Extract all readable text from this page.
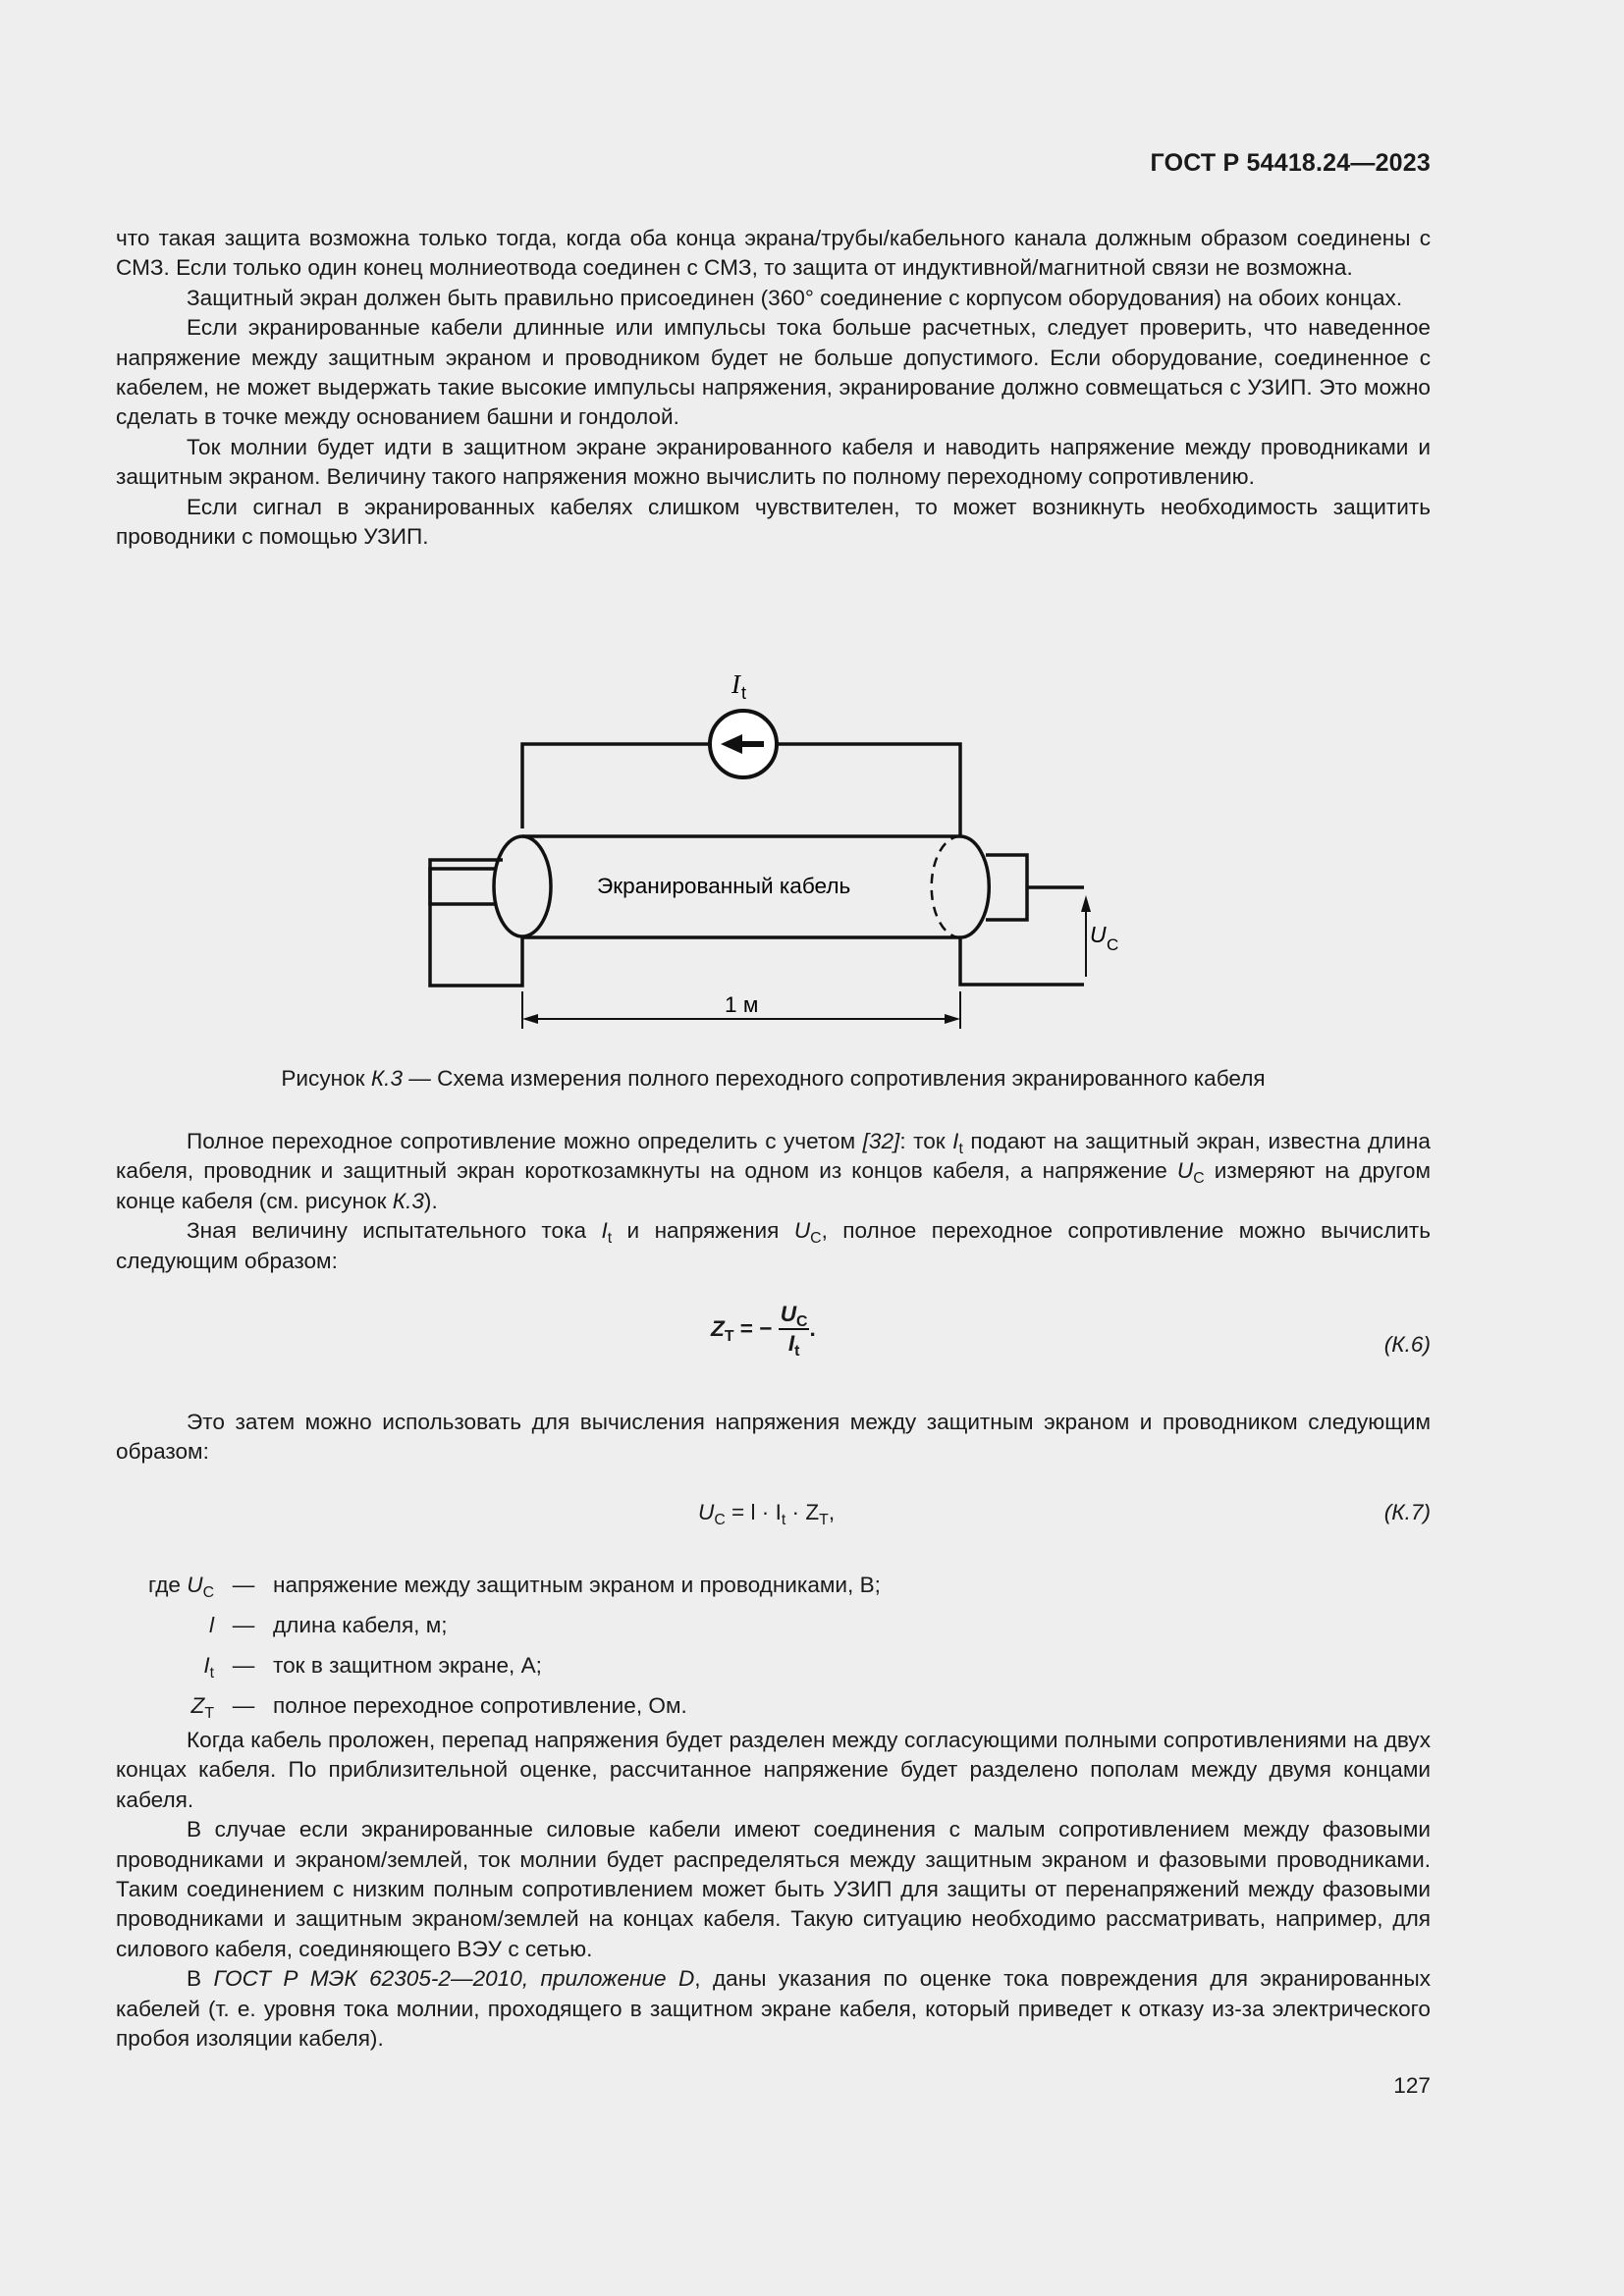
ГОСТ Р 54418.24—2023

что такая защита возможна только тогда, когда оба конца экрана/трубы/кабельного канала должным образом соединены с СМЗ. Если только один конец молниеотвода соединен с СМЗ, то защита от индуктивной/магнитной связи не возможна.

Защитный экран должен быть правильно присоединен (360° соединение с корпусом оборудования) на обоих концах.

Если экранированные кабели длинные или импульсы тока больше расчетных, следует проверить, что наведенное напряжение между защитным экраном и проводником будет не больше допустимого. Если оборудование, соединенное с кабелем, не может выдержать такие высокие импульсы напряжения, экранирование должно совмещаться с УЗИП. Это можно сделать в точке между основанием башни и гондолой.

Ток молнии будет идти в защитном экране экранированного кабеля и наводить напряжение между проводниками и защитным экраном. Величину такого напряжения можно вычислить по полному переходному сопротивлению.

Если сигнал в экранированных кабелях слишком чувствителен, то может возникнуть необходимость защитить проводники с помощью УЗИП.

I t
Экранированный кабель
1 м
U C
Рисунок К.3 — Схема измерения полного переходного сопротивления экранированного кабеля

Полное переходное сопротивление можно определить с учетом [32]: ток $I_t$ подают на защитный экран, известна длина кабеля, проводник и защитный экран короткозамкнуты на одном из концов кабеля, а напряжение $U_C$ измеряют на другом конце кабеля (см. рисунок К.3).

Зная величину испытательного тока $I_t$ и напряжения $U_C$, полное переходное сопротивление можно вычислить следующим образом:

$Z_T$ = − $\frac{U_C}{I_t}$ .
(К.6)

Это затем можно использовать для вычисления напряжения между защитным экраном и проводником следующим образом:

$U_C = l \cdot I_t \cdot Z_T$,	(К.7)
где $U_C$ — напряжение между защитным экраном и проводниками, В;
l — длина кабеля, м;
$I_t$ — ток в защитном экране, А;
$Z_T$ — полное переходное сопротивление, Ом.

Когда кабель проложен, перепад напряжения будет разделен между согласующими полными сопротивлениями на двух концах кабеля. По приблизительной оценке, рассчитанное напряжение будет разделено пополам между двумя концами кабеля.

В случае если экранированные силовые кабели имеют соединения с малым сопротивлением между фазовыми проводниками и экраном/землей, ток молнии будет распределяться между защитным экраном и фазовыми проводниками. Таким соединением с низким полным сопротивлением может быть УЗИП для защиты от перенапряжений между фазовыми проводниками и защитным экраном/землей на концах кабеля. Такую ситуацию необходимо рассматривать, например, для силового кабеля, соединяющего ВЭУ с сетью.

В ГОСТ Р МЭК 62305-2—2010, приложение D, даны указания по оценке тока повреждения для экранированных кабелей (т. е. уровня тока молнии, проходящего в защитном экране кабеля, который приведет к отказу из-за электрического пробоя изоляции кабеля).

127
